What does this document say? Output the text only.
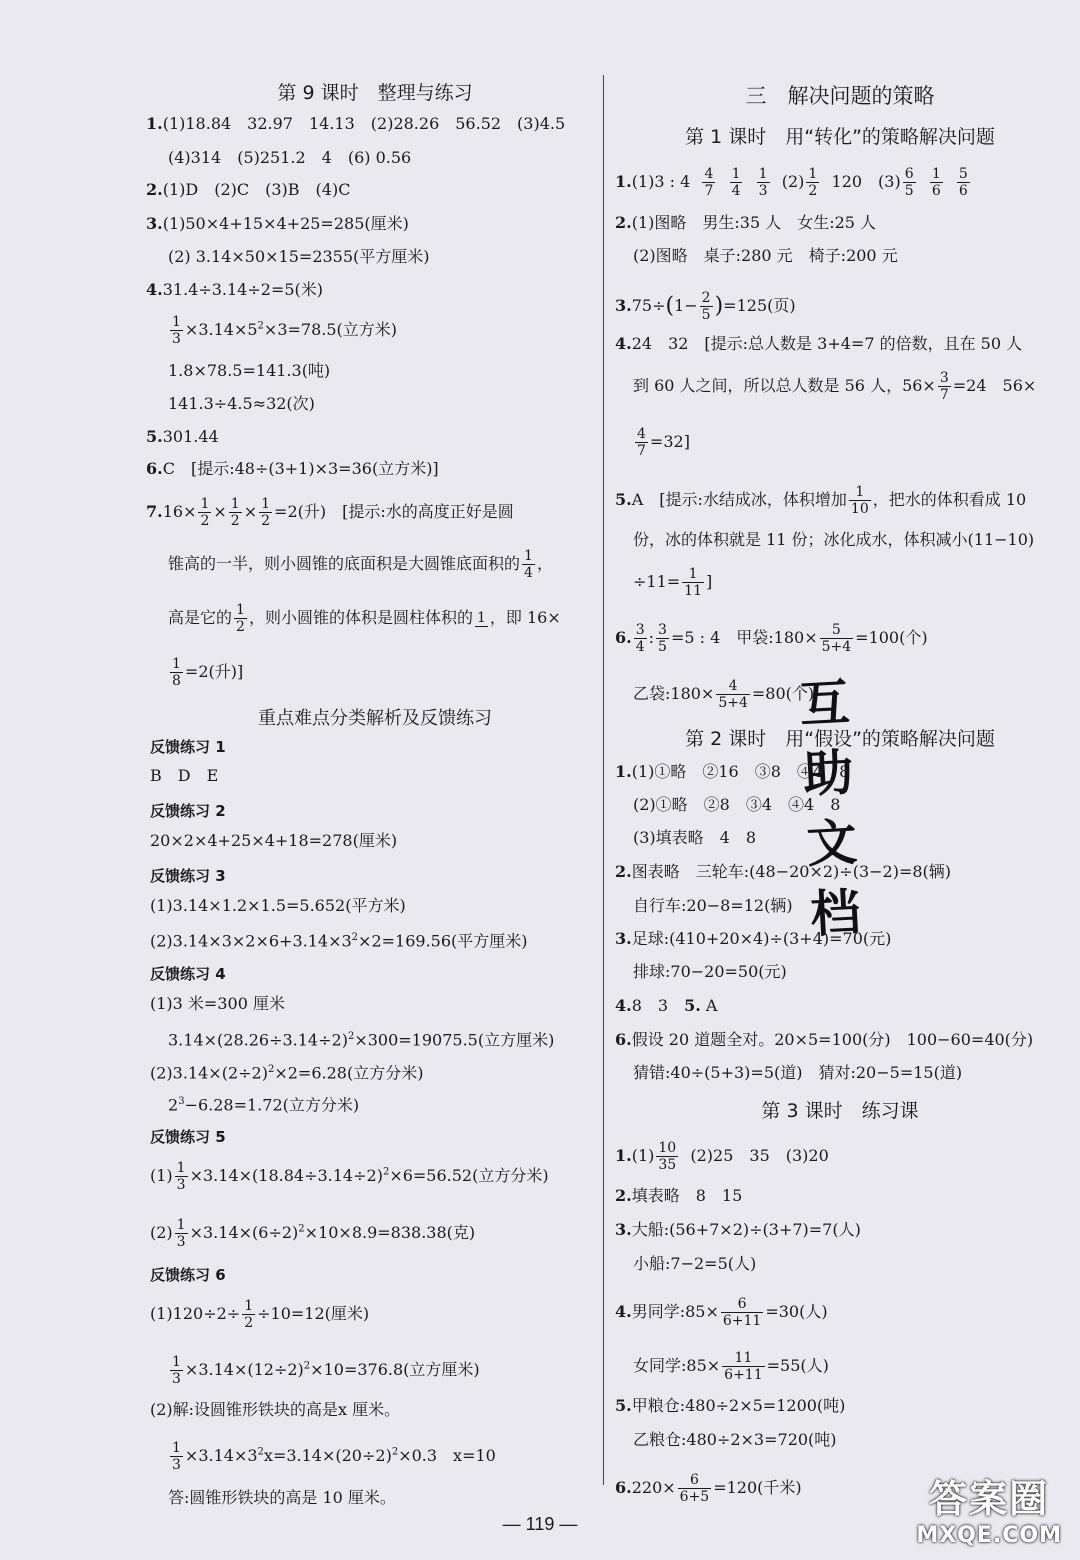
第 9 课时　整理与练习
1.(1)18.84　32.97　14.13　(2)28.26　56.52　(3)4.5
(4)314　(5)251.2　4　(6) 0.56
2.(1)D　(2)C　(3)B　(4)C
3.(1)50×4+15×4+25=285(厘米)
(2) 3.14×50×15=2355(平方厘米)
4.31.4÷3.14÷2=5(米)
$\frac{1}{3} \times 3.14\times 5^2\times 3=78.5$(立方米)
1.8×78.5=141.3(吨)
141.3÷4.5≈32(次)
5.301.44
6.C　[提示:48÷(3+1)×3=36(立方米)]
$7.16\times \frac{1}{2} \times \frac{1}{2} \times \frac{1}{2} =2$(升)　[提示:水的高度正好是圆
锥高的一半，则小圆锥的底面积是大圆锥底面积的 $\frac{1}{4}$ ，
高是它的 $\frac{1}{2}$ ，则小圆锥的体积是圆柱体积的 1 ，即 16×
$\frac{1}{8} =2$(升)]
重点难点分类解析及反馈练习
反馈练习 1
B　D　E
反馈练习 2
20×2×4+25×4+18=278(厘米)
反馈练习 3
(1)3.14×1.2×1.5=5.652(平方米)
$(2)3.14\times 3\times 2\times 6+3.14\times 3^2\times 2=169.56$(平方厘米)
反馈练习 4
(1)3 米=300 厘米
$3.14\times(28.26\div 3.14\div 2)^2\times 300=19075.5$(立方厘米)
$(2)3.14\times(2\div 2)^2\times 2=6.28$(立方分米)
$2^3-6.28=1.72$(立方分米)
反馈练习 5
$(1) \frac{1}{3} \times 3.14\times(18.84\div 3.14\div 2)^2\times 6=56.52$(立方分米)
$(2) \frac{1}{3} \times 3.14\times(6\div 2)^2\times 10\times 8.9=838.38$(克)
反馈练习 6
$(1)120\div 2\div \frac{1}{2} \div 10=12$(厘米)
$\frac{1}{3} \times 3.14\times(12\div 2)^2\times 10=376.8$(立方厘米)
(2)解:设圆锥形铁块的高是x 厘米。
$\frac{1}{3} \times 3.14\times 3^2x=3.14\times(20\div 2)^2\times 0.3$　x=10
答:圆锥形铁块的高是 10 厘米。
三　解决问题的策略
第 1 课时　用“转化”的策略解决问题
1.(1)3 : $4 \frac{4}{7}$
$\frac{1}{4}$
$\frac{1}{3} (2) \frac{1}{2} 120$　$(3) \frac{6}{5}$
$\frac{1}{6}$
$\frac{5}{6}$
2.(1)图略　男生:35 人　女生:25 人
(2)图略　桌子:280 元　椅子:200 元
$3.75\div(1- \frac{2}{5} )=125$(页)
4.24　32　[提示:总人数是 3+4=7 的倍数，且在 50 人
到 60 人之间，所以总人数是 56 人，$56\times \frac{3}{7} =24$　56×
$\frac{4}{7} =32$]
5.A　[提示:水结成冰，体积增加 $\frac{1}{10}$ ，把水的体积看成 10
份，冰的体积就是 11 份；冰化成水，体积减小(11−10)
$\div 11= \frac{1}{11}$ ]
6. $\frac{3}{4}$ : $\frac{3}{5} =5$ : 4　甲袋:180× $\frac{5}{5+4} =100$(个)
乙袋:180× $\frac{4}{5+4} =80$(个)
第 2 课时　用“假设”的策略解决问题
1.(1)①略　②16　③8　④4　8
(2)①略　②8　③4　④4　8
(3)填表略　4　8
2.图表略　三轮车:(48−20×2)÷(3−2)=8(辆)
自行车:20−8=12(辆)
3.足球:(410+20×4)÷(3+4)=70(元)
排球:70−20=50(元)
4.8　3　5. A
6.假设 20 道题全对。20×5=100(分)　100−60=40(分)
猜错:40÷(5+3)=5(道)　猜对:20−5=15(道)
第 3 课时　练习课
$1.(1) \frac{10}{35} (2)25$　35　(3)20
2.填表略　8　15
3.大船:(56+7×2)÷(3+7)=7(人)
小船:7−2=5(人)
4.男同学:85× $\frac{6}{6+11} =30$(人)
女同学:85× $\frac{11}{6+11} =55$(人)
5.甲粮仓:480÷2×5=1200(吨)
乙粮仓:480÷2×3=720(吨)
$6.220\times \frac{6}{6+5} =120$(千米)
互
助
文
档
— 119 —
答案圈
MXQE.COM
